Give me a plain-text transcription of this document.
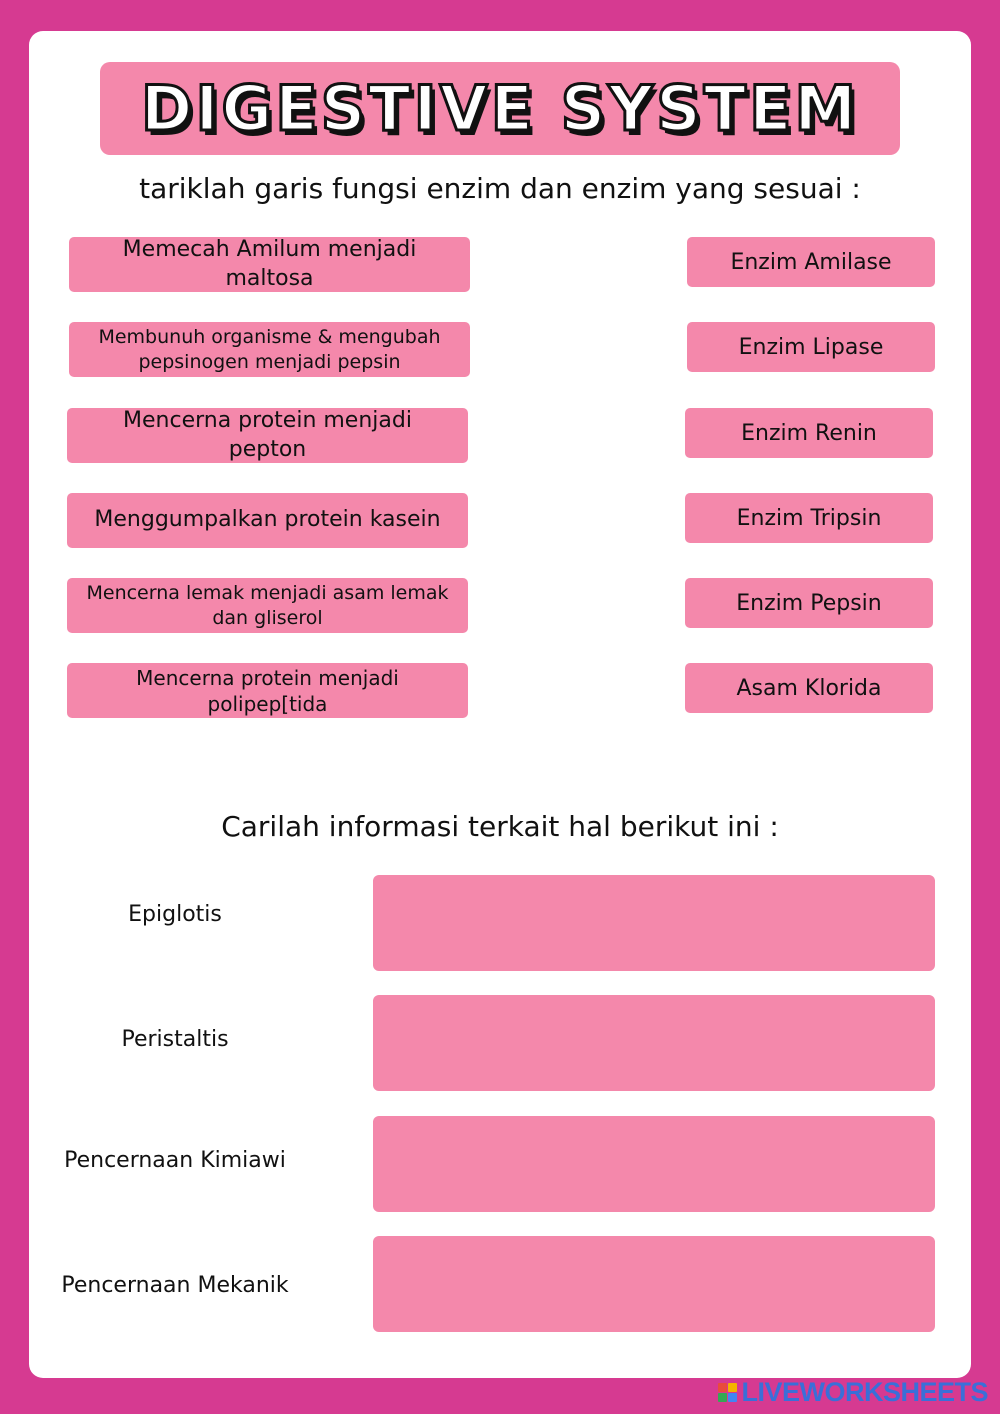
DIGESTIVE SYSTEM
tariklah garis fungsi enzim dan enzim yang sesuai :
Memecah Amilum menjadi maltosa
Membunuh organisme & mengubah pepsinogen menjadi pepsin
Mencerna protein menjadi pepton
Menggumpalkan protein kasein
Mencerna lemak menjadi asam lemak dan gliserol
Mencerna protein menjadi polipep[tida
Enzim Amilase
Enzim Lipase
Enzim Renin
Enzim Tripsin
Enzim Pepsin
Asam Klorida
Carilah informasi terkait hal berikut ini :
Epiglotis
Peristaltis
Pencernaan Kimiawi
Pencernaan Mekanik
LIVEWORKSHEETS
